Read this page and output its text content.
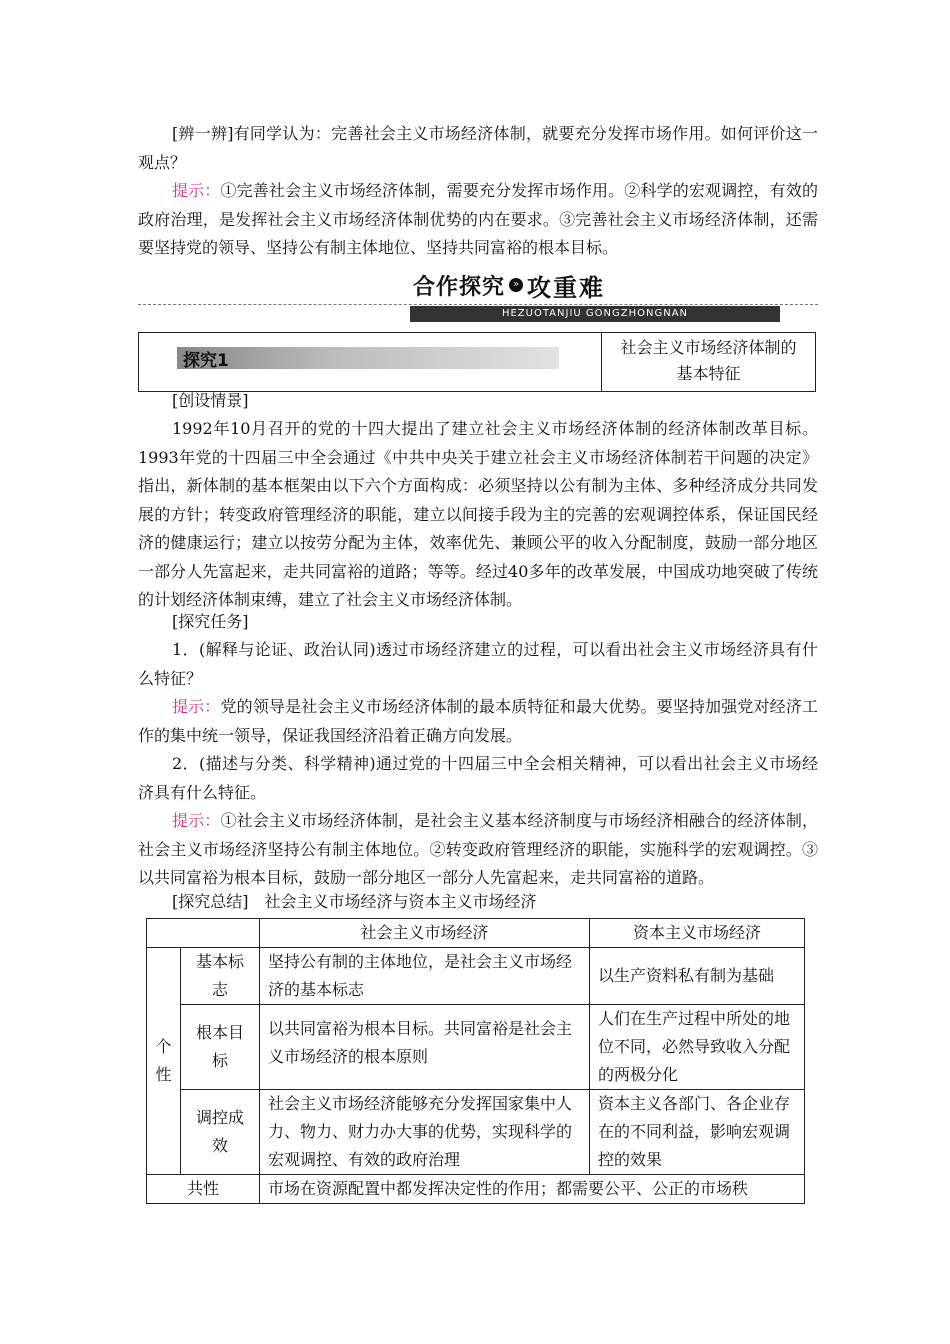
[辨一辨]有同学认为：完善社会主义市场经济体制，就要充分发挥市场作用。如何评价这一观点？

提示：①完善社会主义市场经济体制，需要充分发挥市场作用。②科学的宏观调控，有效的政府治理，是发挥社会主义市场经济体制优势的内在要求。③完善社会主义市场经济体制，还需要坚持党的领导、坚持公有制主体地位、坚持共同富裕的根本目标。

合作探究 » 攻重难
HEZUOTANJIU GONGZHONGNAN
探究1
社会主义市场经济体制的
基本特征

[创设情景]

1992年10月召开的党的十四大提出了建立社会主义市场经济体制的经济体制改革目标。1993年党的十四届三中全会通过《中共中央关于建立社会主义市场经济体制若干问题的决定》指出，新体制的基本框架由以下六个方面构成：必须坚持以公有制为主体、多种经济成分共同发展的方针；转变政府管理经济的职能，建立以间接手段为主的完善的宏观调控体系，保证国民经济的健康运行；建立以按劳分配为主体，效率优先、兼顾公平的收入分配制度，鼓励一部分地区一部分人先富起来，走共同富裕的道路；等等。经过40多年的改革发展，中国成功地突破了传统的计划经济体制束缚，建立了社会主义市场经济体制。

[探究任务]

1．(解释与论证、政治认同)透过市场经济建立的过程，可以看出社会主义市场经济具有什么特征？

提示：党的领导是社会主义市场经济体制的最本质特征和最大优势。要坚持加强党对经济工作的集中统一领导，保证我国经济沿着正确方向发展。

2．(描述与分类、科学精神)通过党的十四届三中全会相关精神，可以看出社会主义市场经济具有什么特征。

提示：①社会主义市场经济体制，是社会主义基本经济制度与市场经济相融合的经济体制，社会主义市场经济坚持公有制主体地位。②转变政府管理经济的职能，实施科学的宏观调控。③以共同富裕为根本目标，鼓励一部分地区一部分人先富起来，走共同富裕的道路。

[探究总结]　社会主义市场经济与资本主义市场经济

		社会主义市场经济	资本主义市场经济
个性	基本标志	坚持公有制的主体地位，是社会主义市场经济的基本标志	以生产资料私有制为基础
	根本目标	以共同富裕为根本目标。共同富裕是社会主义市场经济的根本原则	人们在生产过程中所处的地位不同，必然导致收入分配的两极分化
	调控成效	社会主义市场经济能够充分发挥国家集中人力、物力、财力办大事的优势，实现科学的宏观调控、有效的政府治理	资本主义各部门、各企业存在的不同利益，影响宏观调控的效果
共性		市场在资源配置中都发挥决定性的作用；都需要公平、公正的市场秩	
